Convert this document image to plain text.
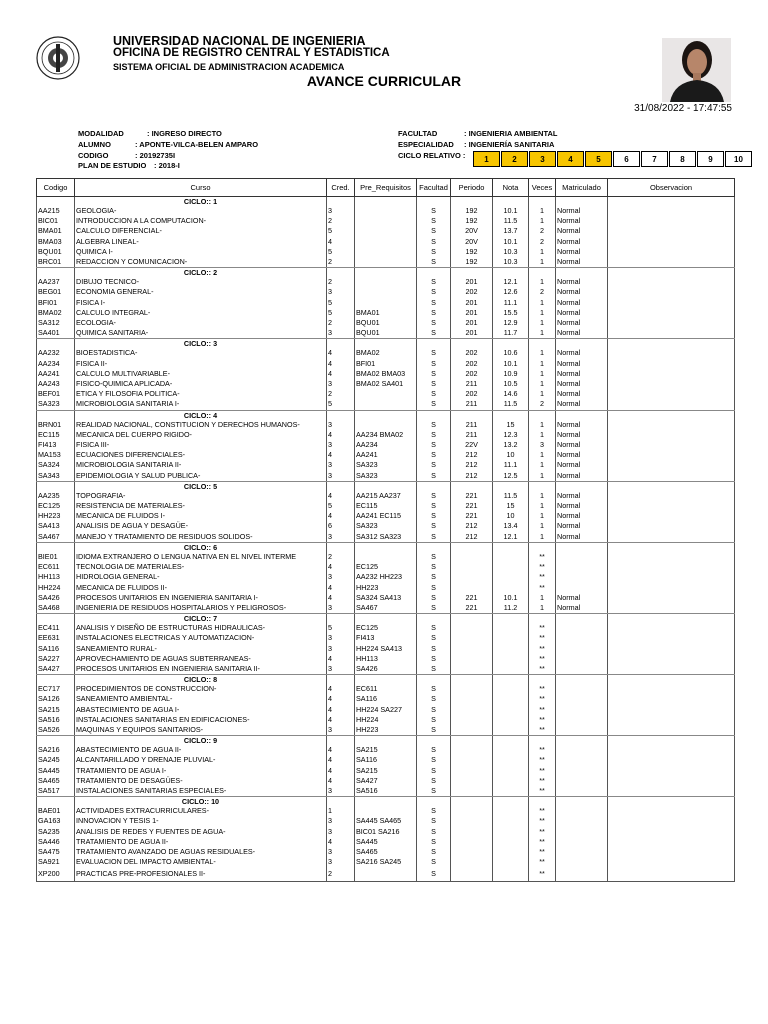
UNIVERSIDAD NACIONAL DE INGENIERIA
OFICINA DE REGISTRO CENTRAL Y ESTADISTICA
SISTEMA OFICIAL DE ADMINISTRACION ACADEMICA
AVANCE CURRICULAR
31/08/2022 - 17:47:55
MODALIDAD	: INGRESO DIRECTO
ALUMNO	: APONTE-VILCA-BELEN AMPARO
CODIGO	: 20192735I
PLAN DE ESTUDIO : 2018-I
FACULTAD	: INGENIERIA AMBIENTAL
ESPECIALIDAD : INGENIERÍA SANITARIA
CICLO RELATIVO :	1	2	3	4	5	6	7	8	9	10
Codigo	Curso	Cred.	Pre_Requisitos	Facultad	Periodo	Nota	Veces	Matriculado	Observacion
	CICLO:: 1								
AA215	GEOLOGIA-	3		S	192	10.1	1	Normal	
BIC01	INTRODUCCION A LA COMPUTACION-	2		S	192	11.5	1	Normal	
BMA01	CALCULO DIFERENCIAL-	5		S	20V	13.7	2	Normal	
BMA03	ALGEBRA LINEAL-	4		S	20V	10.1	2	Normal	
BQU01	QUIMICA I-	5		S	192	10.3	1	Normal	
BRC01	REDACCION Y COMUNICACION-	2		S	192	10.3	1	Normal	
	CICLO:: 2								
AA237	DIBUJO TECNICO-	2		S	201	12.1	1	Normal	
BEG01	ECONOMIA GENERAL-	3		S	202	12.6	2	Normal	
BFI01	FISICA I-	5		S	201	11.1	1	Normal	
BMA02	CALCULO INTEGRAL-	5	BMA01	S	201	15.5	1	Normal	
SA312	ECOLOGIA-	2	BQU01	S	201	12.9	1	Normal	
SA401	QUIMICA SANITARIA-	3	BQU01	S	201	11.7	1	Normal	
	CICLO:: 3								
AA232	BIOESTADISTICA-	4	BMA02	S	202	10.6	1	Normal	
AA234	FISICA II-	4	BFI01	S	202	10.1	1	Normal	
AA241	CALCULO MULTIVARIABLE-	4	BMA02 BMA03	S	202	10.9	1	Normal	
AA243	FISICO-QUIMICA APLICADA-	3	BMA02 SA401	S	211	10.5	1	Normal	
BEF01	ETICA Y FILOSOFIA POLITICA-	2		S	202	14.6	1	Normal	
SA323	MICROBIOLOGIA SANITARIA I-	5		S	211	11.5	2	Normal	
	CICLO:: 4								
BRN01	REALIDAD NACIONAL, CONSTITUCION Y DERECHOS HUMANOS-	3		S	211	15	1	Normal	
EC115	MECANICA DEL CUERPO RIGIDO-	4	AA234 BMA02	S	211	12.3	1	Normal	
FI413	FISICA III-	3	AA234	S	22V	13.2	3	Normal	
MA153	ECUACIONES DIFERENCIALES-	4	AA241	S	212	10	1	Normal	
SA324	MICROBIOLOGIA SANITARIA II-	3	SA323	S	212	11.1	1	Normal	
SA343	EPIDEMIOLOGIA Y SALUD PUBLICA-	3	SA323	S	212	12.5	1	Normal	
	CICLO:: 5								
AA235	TOPOGRAFIA-	4	AA215 AA237	S	221	11.5	1	Normal	
EC125	RESISTENCIA DE MATERIALES-	5	EC115	S	221	15	1	Normal	
HH223	MECANICA DE FLUIDOS I-	4	AA241 EC115	S	221	10	1	Normal	
SA413	ANALISIS DE AGUA Y DESAGÜE-	6	SA323	S	212	13.4	1	Normal	
SA467	MANEJO Y TRATAMIENTO DE RESIDUOS SOLIDOS-	3	SA312 SA323	S	212	12.1	1	Normal	
	CICLO:: 6								
BIE01	IDIOMA EXTRANJERO O LENGUA NATIVA EN EL NIVEL INTERME	2		S			**		
EC611	TECNOLOGIA DE MATERIALES-	4	EC125	S			**		
HH113	HIDROLOGIA GENERAL-	3	AA232 HH223	S			**		
HH224	MECANICA DE FLUIDOS II-	4	HH223	S			**		
SA426	PROCESOS UNITARIOS EN INGENIERIA SANITARIA I-	4	SA324 SA413	S	221	10.1	1	Normal	
SA468	INGENIERIA DE RESIDUOS HOSPITALARIOS Y PELIGROSOS-	3	SA467	S	221	11.2	1	Normal	
	CICLO:: 7								
EC411	ANALISIS Y DISEÑO DE ESTRUCTURAS HIDRAULICAS-	5	EC125	S			**		
EE631	INSTALACIONES ELECTRICAS Y AUTOMATIZACION-	3	FI413	S			**		
SA116	SANEAMIENTO RURAL-	3	HH224 SA413	S			**		
SA227	APROVECHAMIENTO DE AGUAS SUBTERRANEAS-	4	HH113	S			**		
SA427	PROCESOS UNITARIOS EN INGENIERIA SANITARIA II-	3	SA426	S			**		
	CICLO:: 8								
EC717	PROCEDIMIENTOS DE CONSTRUCCION-	4	EC611	S			**		
SA126	SANEAMIENTO AMBIENTAL-	4	SA116	S			**		
SA215	ABASTECIMIENTO DE AGUA I-	4	HH224 SA227	S			**		
SA516	INSTALACIONES SANITARIAS EN EDIFICACIONES-	4	HH224	S			**		
SA526	MAQUINAS Y EQUIPOS SANITARIOS-	3	HH223	S			**		
	CICLO:: 9								
SA216	ABASTECIMIENTO DE AGUA II-	4	SA215	S			**		
SA245	ALCANTARILLADO Y DRENAJE PLUVIAL-	4	SA116	S			**		
SA445	TRATAMIENTO DE AGUA I-	4	SA215	S			**		
SA465	TRATAMIENTO DE DESAGÜES-	4	SA427	S			**		
SA517	INSTALACIONES SANITARIAS ESPECIALES-	3	SA516	S			**		
	CICLO:: 10								
BAE01	ACTIVIDADES EXTRACURRICULARES-	1		S			**		
GA163	INNOVACION Y TESIS 1-	3	SA445 SA465	S			**		
SA235	ANALISIS DE REDES Y FUENTES DE AGUA-	3	BIC01 SA216	S			**		
SA446	TRATAMIENTO DE AGUA II-	4	SA445	S			**		
SA475	TRATAMIENTO AVANZADO DE AGUAS RESIDUALES-	3	SA465	S			**		
SA921	EVALUACION DEL IMPACTO AMBIENTAL-	3	SA216 SA245	S			**		
XP200	PRACTICAS PRE-PROFESIONALES II-	2		S			**		
